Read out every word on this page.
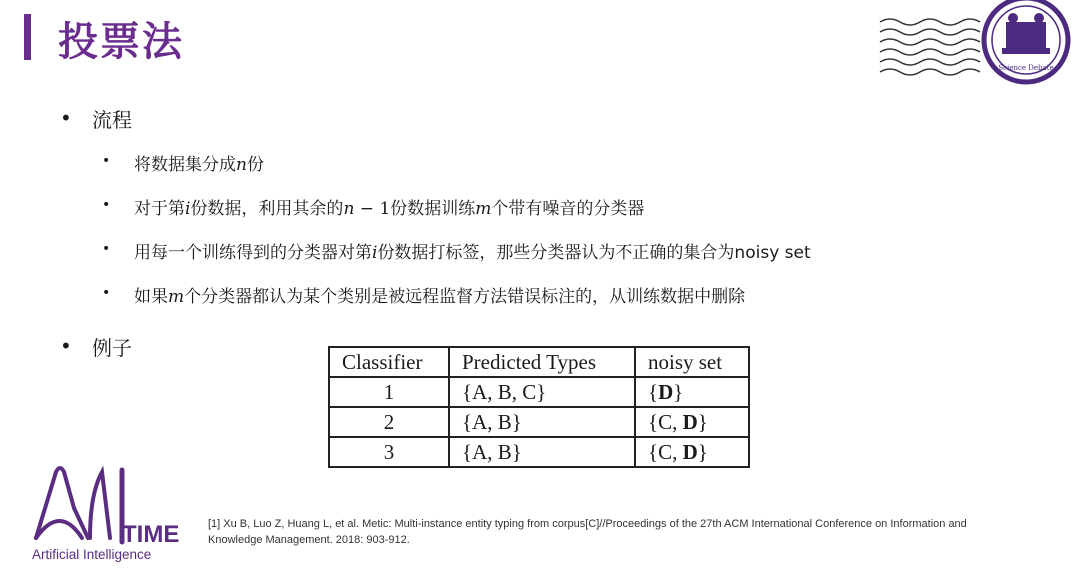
投票法
Science Debate
• 流程
• 将数据集分成n份
• 对于第i份数据，利用其余的n − 1份数据训练m个带有噪音的分类器
• 用每一个训练得到的分类器对第i份数据打标签，那些分类器认为不正确的集合为noisy set
• 如果m个分类器都认为某个类别是被远程监督方法错误标注的，从训练数据中删除
• 例子
Classifier	Predicted Types	noisy set
1	{A, B, C}	{D}
2	{A, B}	{C, D}
3	{A, B}	{C, D}
TIME
Artificial Intelligence
[1] Xu B, Luo Z, Huang L, et al. Metic: Multi-instance entity typing from corpus[C]//Proceedings of the 27th ACM International Conference on Information and Knowledge Management. 2018: 903-912.
